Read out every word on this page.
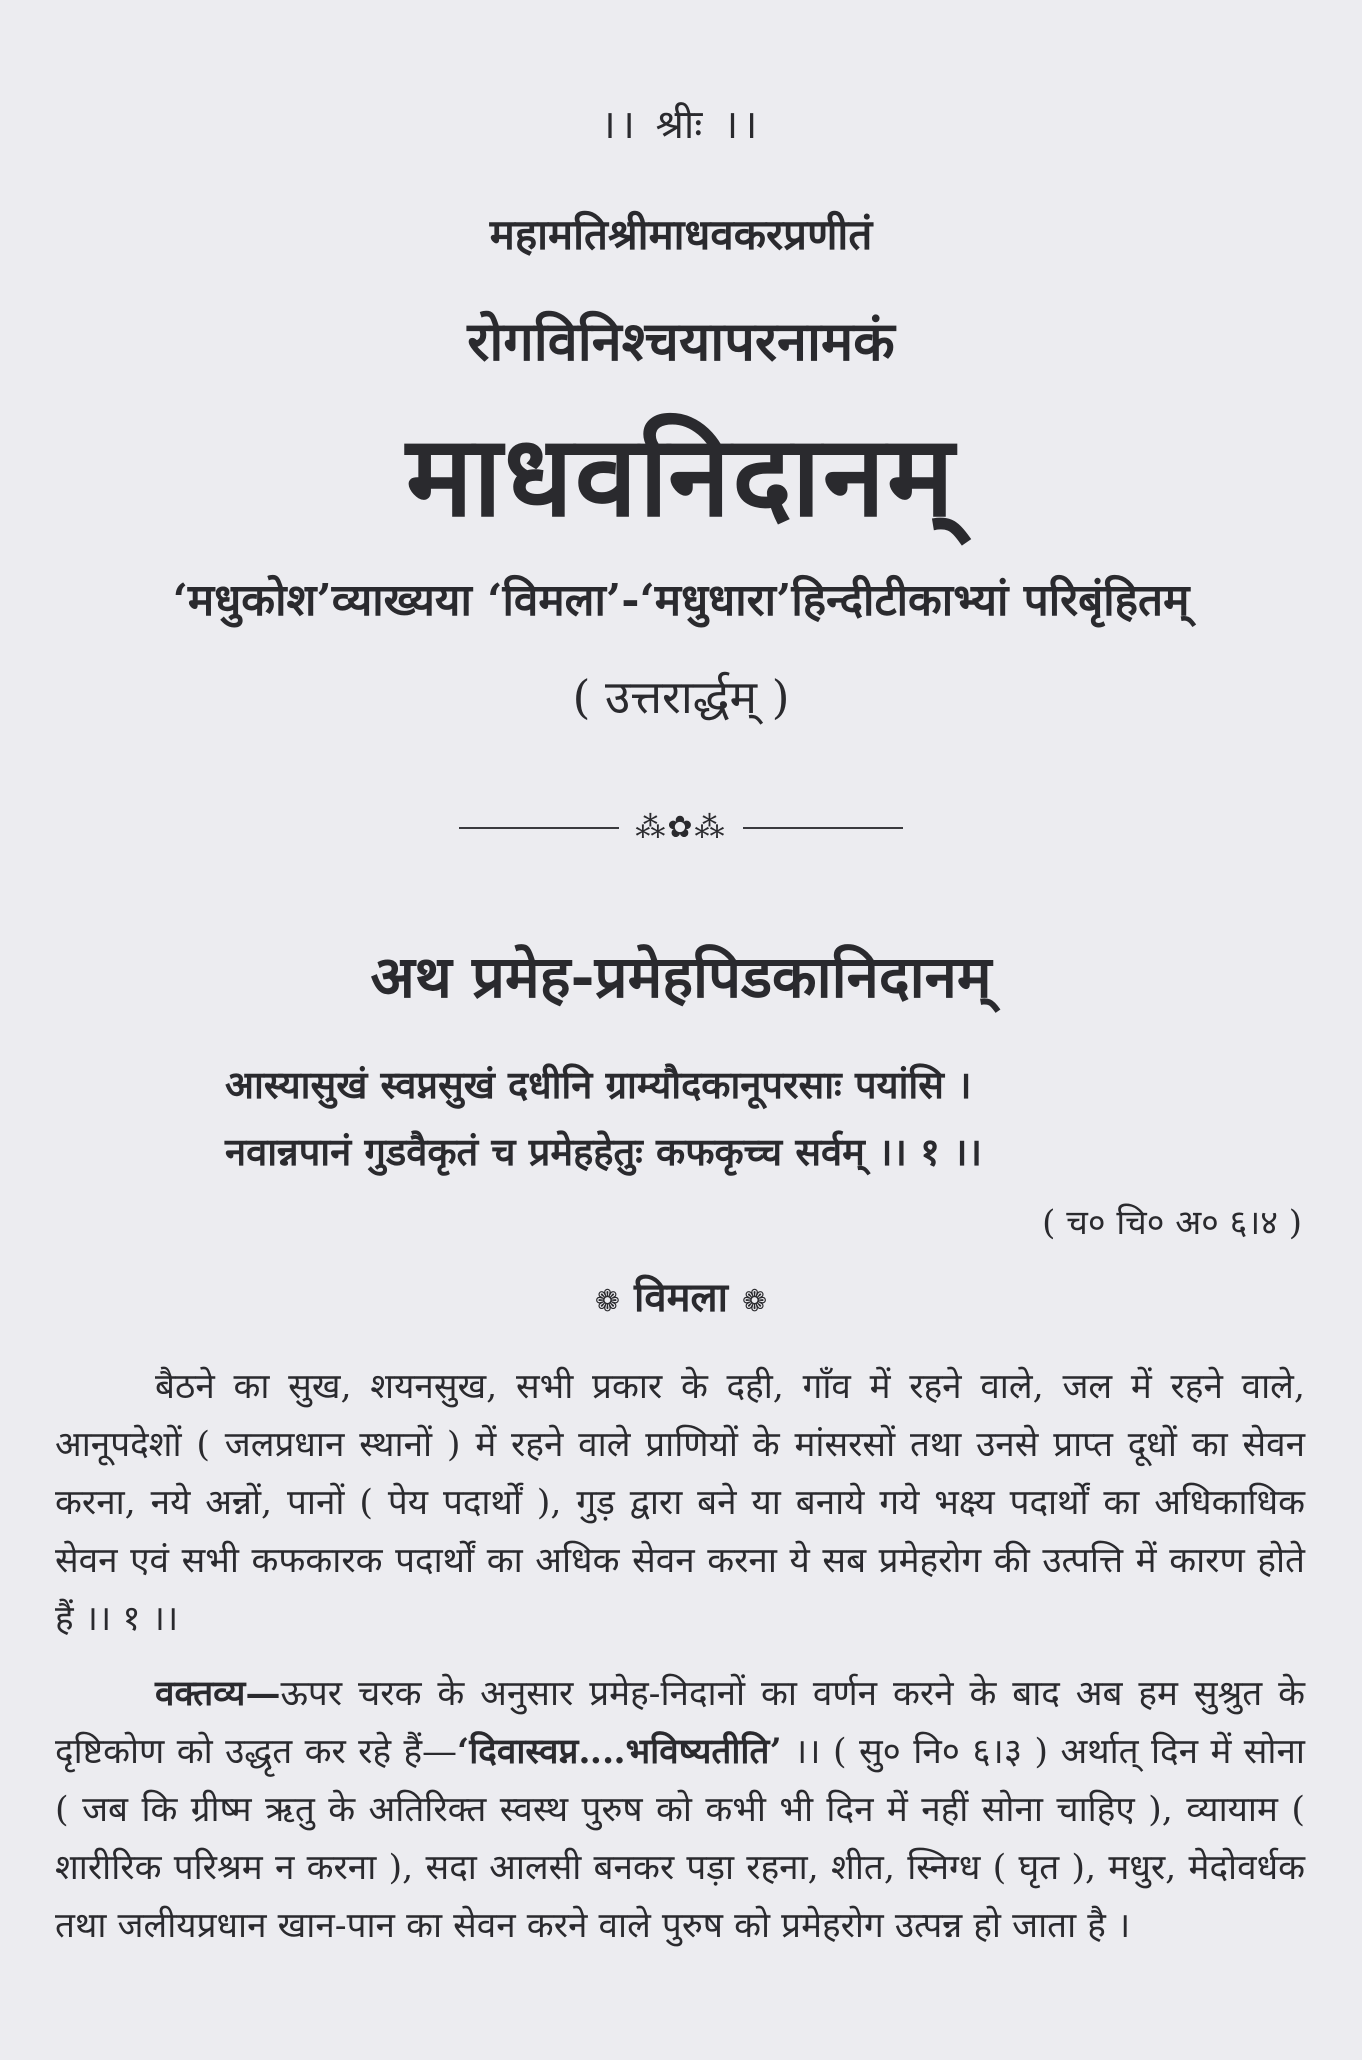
।। श्रीः ।।
महामतिश्रीमाधवकरप्रणीतं
रोगविनिश्चयापरनामकं
माधवनिदानम्
‘मधुकोश’व्याख्यया ‘विमला’-‘मधुधारा’हिन्दीटीकाभ्यां परिबृंहितम्
( उत्तरार्द्धम् )
⁂✿⁂
अथ प्रमेह-प्रमेहपिडकानिदानम्
आस्यासुखं स्वप्नसुखं दधीनि ग्राम्यौदकानूपरसाः पयांसि ।
नवान्नपानं गुडवैकृतं च प्रमेहहेतुः कफकृच्च सर्वम् ।। १ ।।
( च० चि० अ० ६।४ )
❁ विमला ❁

बैठने का सुख, शयनसुख, सभी प्रकार के दही, गाँव में रहने वाले, जल में रहने वाले, आनूपदेशों ( जलप्रधान स्थानों ) में रहने वाले प्राणियों के मांसरसों तथा उनसे प्राप्त दूधों का सेवन करना, नये अन्नों, पानों ( पेय पदार्थों ), गुड़ द्वारा बने या बनाये गये भक्ष्य पदार्थों का अधिकाधिक सेवन एवं सभी कफकारक पदार्थों का अधिक सेवन करना ये सब प्रमेहरोग की उत्पत्ति में कारण होते हैं ।। १ ।।

वक्तव्य—ऊपर चरक के अनुसार प्रमेह-निदानों का वर्णन करने के बाद अब हम सुश्रुत के दृष्टिकोण को उद्धृत कर रहे हैं—‘दिवास्वप्न‥‥भविष्यतीति’ ।। ( सु० नि० ६।३ ) अर्थात् दिन में सोना ( जब कि ग्रीष्म ऋतु के अतिरिक्त स्वस्थ पुरुष को कभी भी दिन में नहीं सोना चाहिए ), व्यायाम ( शारीरिक परिश्रम न करना ), सदा आलसी बनकर पड़ा रहना, शीत, स्निग्ध ( घृत ), मधुर, मेदोवर्धक तथा जलीयप्रधान खान-पान का सेवन करने वाले पुरुष को प्रमेहरोग उत्पन्न हो जाता है ।
